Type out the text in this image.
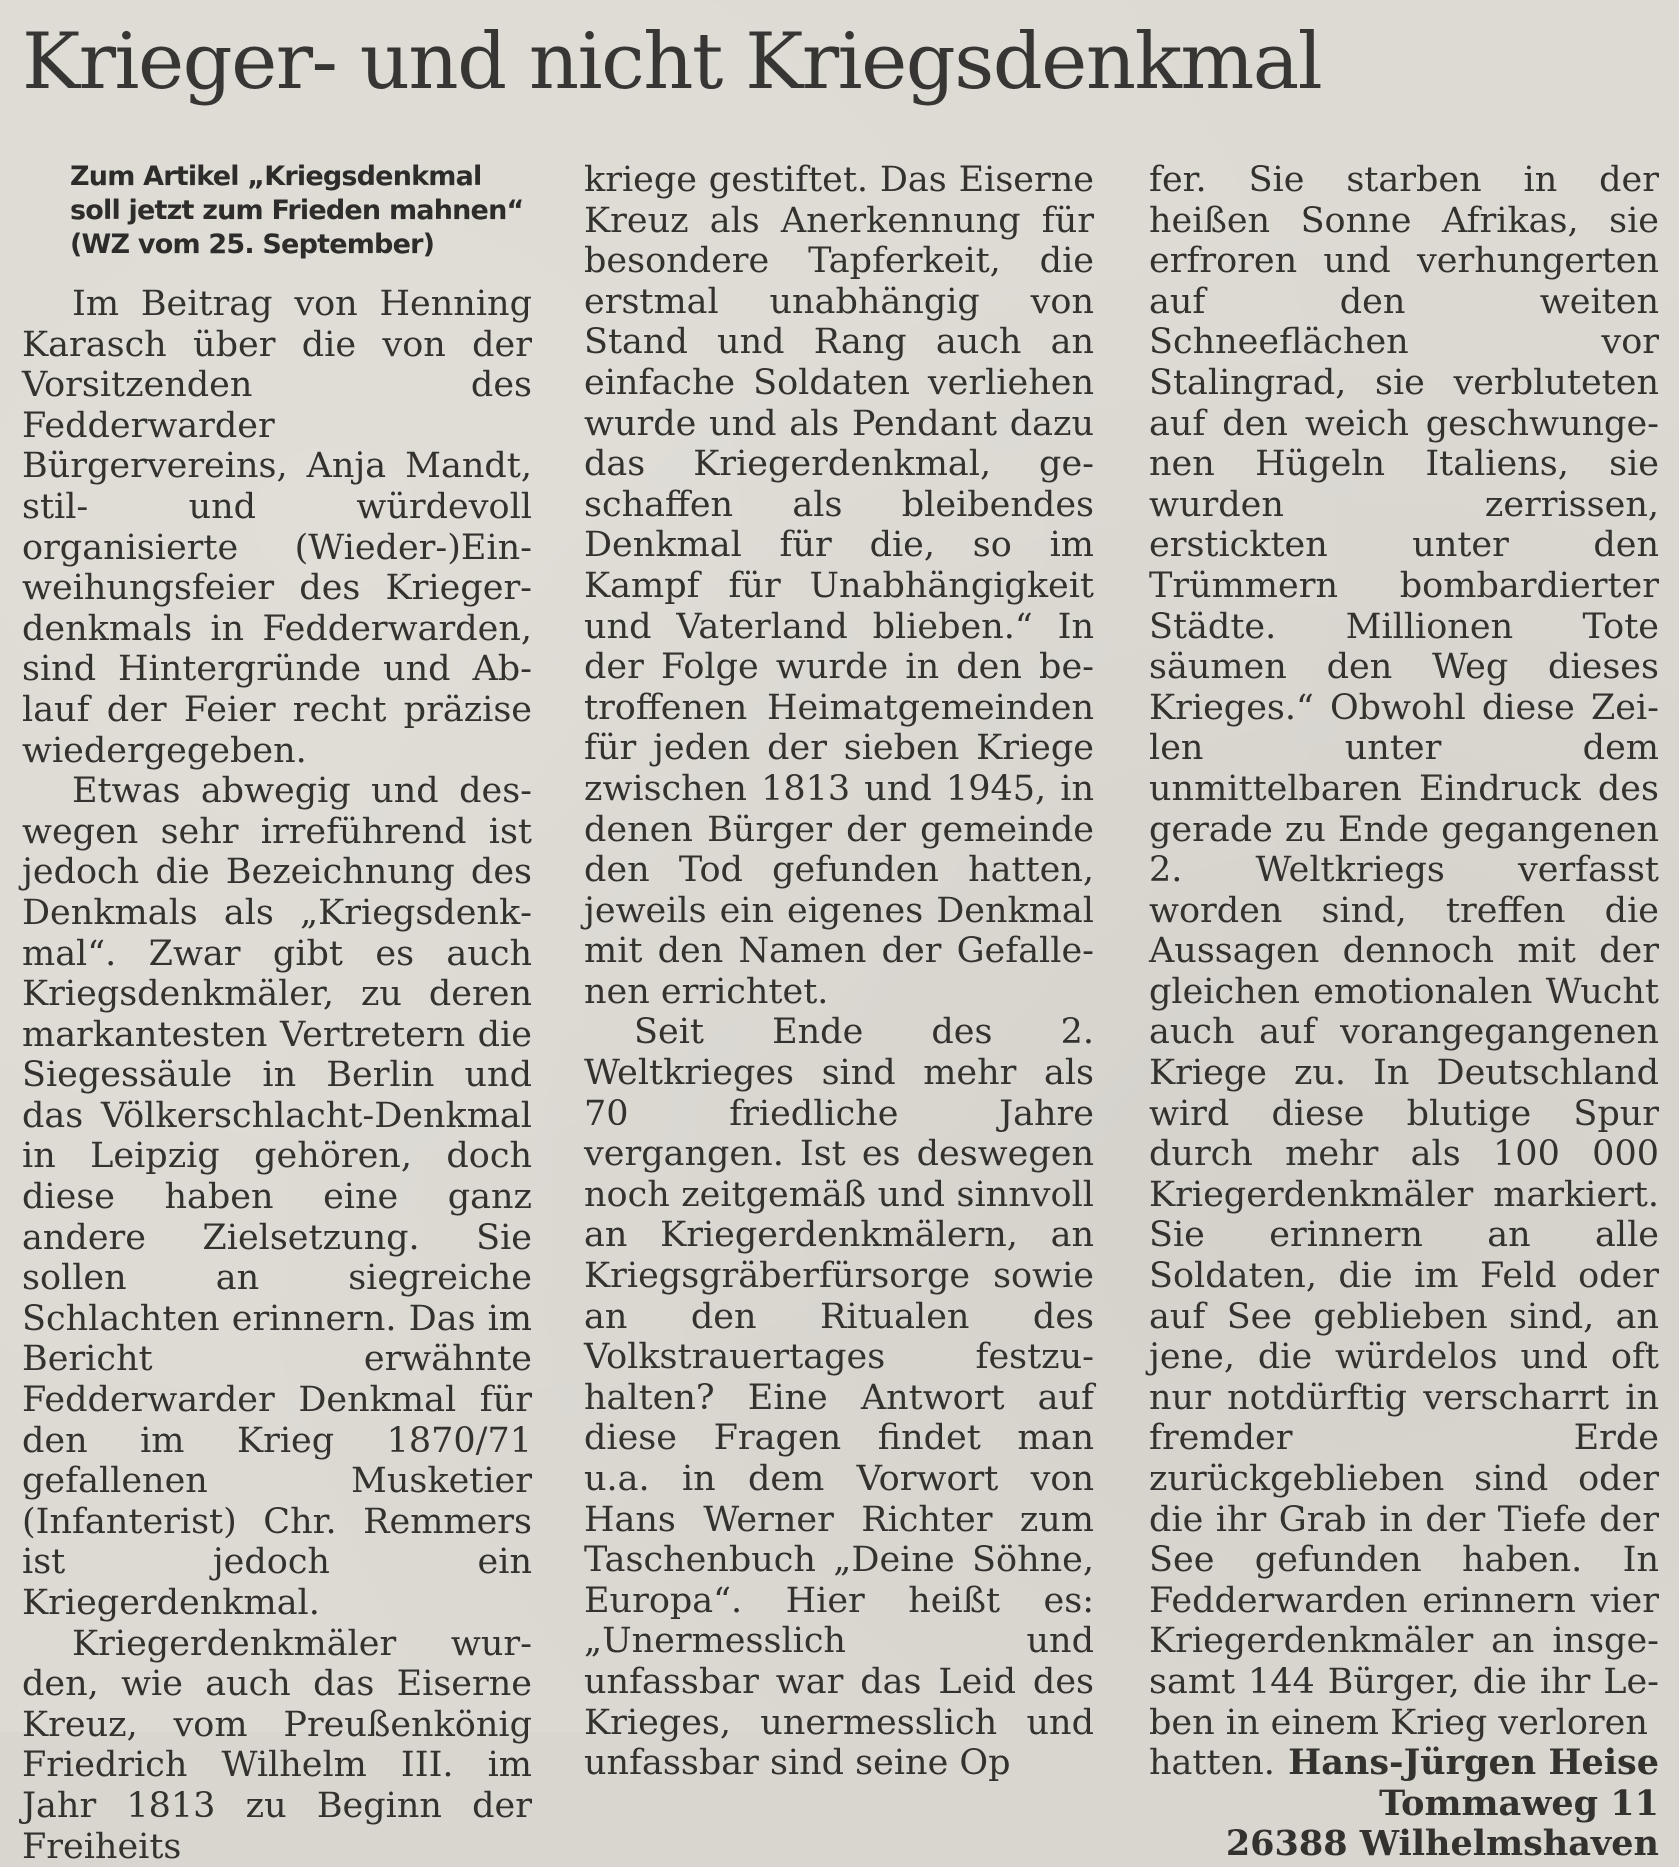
Krieger- und nicht Kriegsdenkmal
Zum Artikel „Kriegsdenkmal
soll jetzt zum Frieden mahnen“
(WZ vom 25. September)

Im Beitrag von Henning Karasch über die von der Vorsitzenden des Fedderwarder Bürgervereins, Anja Mandt, stil- und würdevoll organisierte (Wieder-)Einweihungsfeier des Kriegerdenkmals in Fedderwarden, sind Hintergründe und Ablauf der Feier recht präzise wiedergegeben.

Etwas abwegig und deswegen sehr irreführend ist jedoch die Bezeichnung des Denkmals als „Kriegsdenkmal“. Zwar gibt es auch Kriegsdenkmäler, zu deren markantesten Vertretern die Siegessäule in Berlin und das Völkerschlacht-Denkmal in Leipzig gehören, doch diese haben eine ganz andere Zielsetzung. Sie sollen an siegreiche Schlachten erinnern. Das im Bericht erwähnte Fedderwarder Denkmal für den im Krieg 1870/71 gefallenen Musketier (Infanterist) Chr. Remmers ist jedoch ein Kriegerdenkmal.

Kriegerdenkmäler wurden, wie auch das Eiserne Kreuz, vom Preußenkönig Friedrich Wilhelm III. im Jahr 1813 zu Beginn der Freiheits

kriege gestiftet. Das Eiserne Kreuz als Anerkennung für besondere Tapferkeit, die erstmal unabhängig von Stand und Rang auch an einfache Soldaten verliehen wurde und als Pendant dazu das Kriegerdenkmal, geschaffen als bleibendes Denkmal für die, so im Kampf für Unabhängigkeit und Vaterland blieben.“ In der Folge wurde in den betroffenen Heimatgemeinden für jeden der sieben Kriege zwischen 1813 und 1945, in denen Bürger der gemeinde den Tod gefunden hatten, jeweils ein eigenes Denkmal mit den Namen der Gefallenen errichtet.

Seit Ende des 2. Weltkrieges sind mehr als 70 friedliche Jahre vergangen. Ist es deswegen noch zeitgemäß und sinnvoll an Kriegerdenkmälern, an Kriegsgräberfürsorge sowie an den Ritualen des Volkstrauertages festzuhalten? Eine Antwort auf diese Fragen findet man u.a. in dem Vorwort von Hans Werner Richter zum Taschenbuch „Deine Söhne, Europa“. Hier heißt es: „Unermesslich und unfassbar war das Leid des Krieges, unermesslich und unfassbar sind seine Op

fer. Sie starben in der heißen Sonne Afrikas, sie erfroren und verhungerten auf den weiten Schneeflächen vor Stalingrad, sie verbluteten auf den weich geschwungenen Hügeln Italiens, sie wurden zerrissen, erstickten unter den Trümmern bombardierter Städte. Millionen Tote säumen den Weg dieses Krieges.“ Obwohl diese Zeilen unter dem unmittelbaren Eindruck des gerade zu Ende gegangenen 2. Weltkriegs verfasst worden sind, treffen die Aussagen dennoch mit der gleichen emotionalen Wucht auch auf vorangegangenen Kriege zu. In Deutschland wird diese blutige Spur durch mehr als 100 000 Kriegerdenkmäler markiert. Sie erinnern an alle Soldaten, die im Feld oder auf See geblieben sind, an jene, die würdelos und oft nur notdürftig verscharrt in fremder Erde zurückgeblieben sind oder die ihr Grab in der Tiefe der See gefunden haben. In Fedderwarden erinnern vier Kriegerdenkmäler an insgesamt 144 Bürger, die ihr Leben in einem Krieg verloren

hatten. Hans-Jürgen Heise
Tommaweg 11
26388 Wilhelmshaven
